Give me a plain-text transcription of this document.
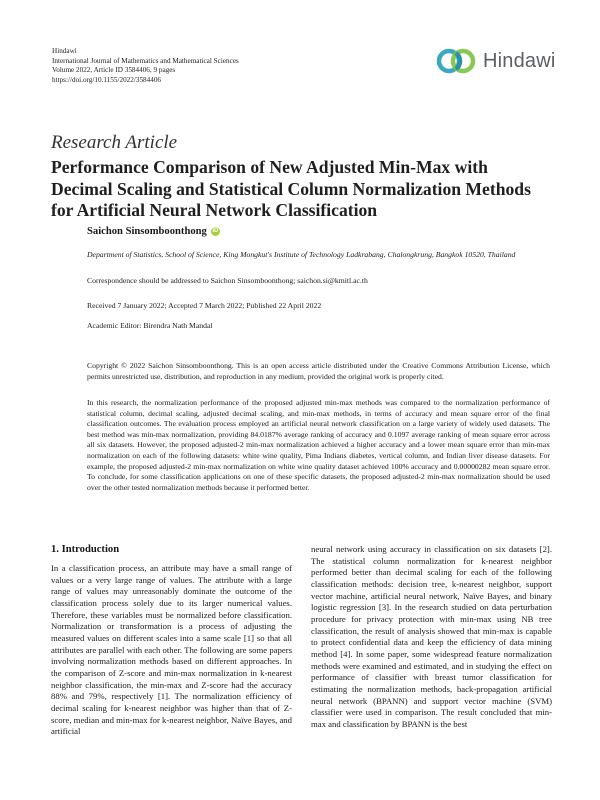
Hindawi
International Journal of Mathematics and Mathematical Sciences
Volume 2022, Article ID 3584406, 9 pages
https://doi.org/10.1155/2022/3584406
Hindawi
Research Article
Performance Comparison of New Adjusted Min-Max with Decimal Scaling and Statistical Column Normalization Methods for Artificial Neural Network Classification
Saichon Sinsomboonthong iD
Department of Statistics, School of Science, King Mongkut's Institute of Technology Ladkrabang, Chalongkrung, Bangkok 10520, Thailand
Correspondence should be addressed to Saichon Sinsomboonthong; saichon.si@kmitl.ac.th
Received 7 January 2022; Accepted 7 March 2022; Published 22 April 2022
Academic Editor: Birendra Nath Mandal
Copyright © 2022 Saichon Sinsomboonthong. This is an open access article distributed under the Creative Commons Attribution License, which permits unrestricted use, distribution, and reproduction in any medium, provided the original work is properly cited.
In this research, the normalization performance of the proposed adjusted min-max methods was compared to the normalization performance of statistical column, decimal scaling, adjusted decimal scaling, and min-max methods, in terms of accuracy and mean square error of the final classification outcomes. The evaluation process employed an artificial neural network classification on a large variety of widely used datasets. The best method was min-max normalization, providing 84.0187% average ranking of accuracy and 0.1097 average ranking of mean square error across all six datasets. However, the proposed adjusted-2 min-max normalization achieved a higher accuracy and a lower mean square error than min-max normalization on each of the following datasets: white wine quality, Pima Indians diabetes, vertical column, and Indian liver disease datasets. For example, the proposed adjusted-2 min-max normalization on white wine quality dataset achieved 100% accuracy and 0.00000282 mean square error. To conclude, for some classification applications on one of these specific datasets, the proposed adjusted-2 min-max normalization should be used over the other tested normalization methods because it performed better.
1. Introduction

In a classification process, an attribute may have a small range of values or a very large range of values. The attribute with a large range of values may unreasonably dominate the outcome of the classification process solely due to its larger numerical values. Therefore, these variables must be normalized before classification. Normalization or transformation is a process of adjusting the measured values on different scales into a same scale [1] so that all attributes are parallel with each other. The following are some papers involving normalization methods based on different approaches. In the comparison of Z-score and min-max normalization in k-nearest neighbor classification, the min-max and Z-score had the accuracy 88% and 79%, respectively [1]. The normalization efficiency of decimal scaling for k-nearest neighbor was higher than that of Z-score, median and min-max for k-nearest neighbor, Naïve Bayes, and artificial

neural network using accuracy in classification on six datasets [2]. The statistical column normalization for k-nearest neighbor performed better than decimal scaling for each of the following classification methods: decision tree, k-nearest neighbor, support vector machine, artificial neural network, Naïve Bayes, and binary logistic regression [3]. In the research studied on data perturbation procedure for privacy protection with min-max using NB tree classification, the result of analysis showed that min-max is capable to protect confidential data and keep the efficiency of data mining method [4]. In some paper, some widespread feature normalization methods were examined and estimated, and in studying the effect on performance of classifier with breast tumor classification for estimating the normalization methods, back-propagation artificial neural network (BPANN) and support vector machine (SVM) classifier were used in comparison. The result concluded that min-max and classification by BPANN is the best
